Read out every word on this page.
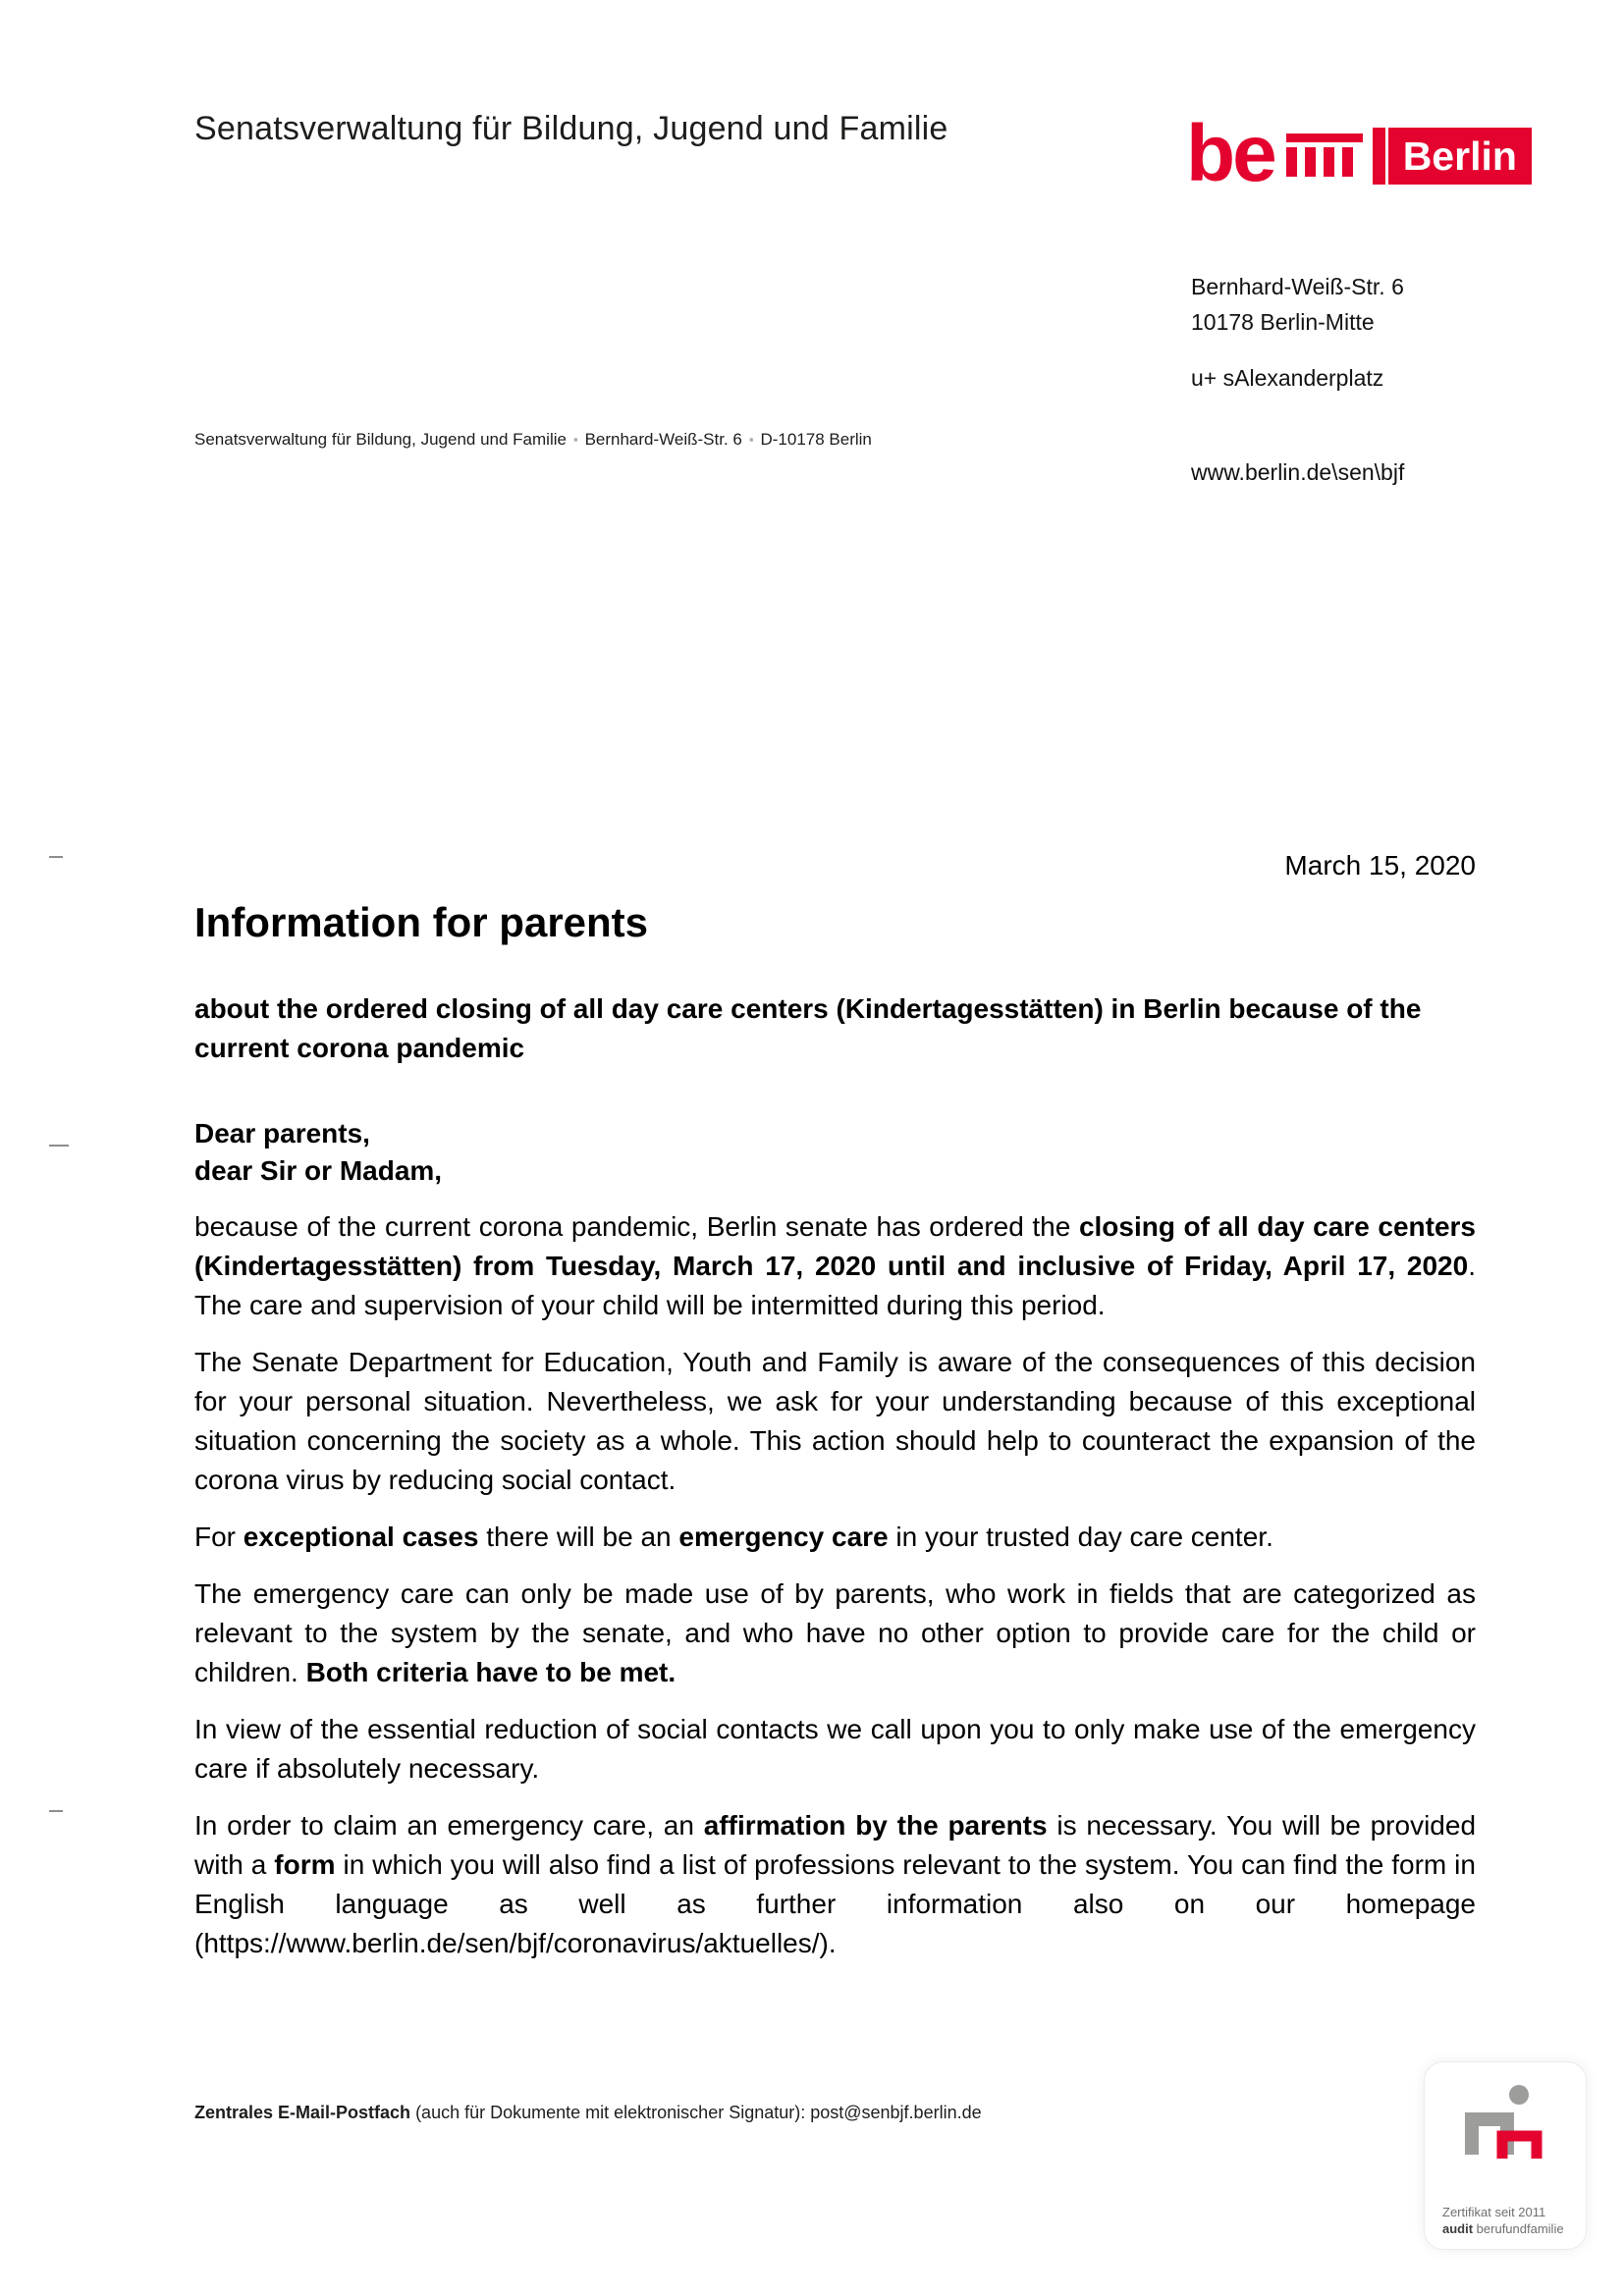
Senatsverwaltung für Bildung, Jugend und Familie	be	Berlin
Bernhard-Weiß-Str. 6
10178 Berlin-Mitte
u+ sAlexanderplatz
www.berlin.de\sen\bjf
Senatsverwaltung für Bildung, Jugend und Familie ▪ Bernhard-Weiß-Str. 6 ▪ D-10178 Berlin
March 15, 2020
Information for parents

about the ordered closing of all day care centers (Kindertagesstätten) in Berlin because of the current corona pandemic

Dear parents,
dear Sir or Madam,

because of the current corona pandemic, Berlin senate has ordered the closing of all day care centers (Kindertagesstätten) from Tuesday, March 17, 2020 until and inclusive of Friday, April 17, 2020. The care and supervision of your child will be intermitted during this period.

The Senate Department for Education, Youth and Family is aware of the consequences of this decision for your personal situation. Nevertheless, we ask for your understanding because of this exceptional situation concerning the society as a whole. This action should help to counteract the expansion of the corona virus by reducing social contact.

For exceptional cases there will be an emergency care in your trusted day care center.

The emergency care can only be made use of by parents, who work in fields that are categorized as relevant to the system by the senate, and who have no other option to provide care for the child or children. Both criteria have to be met.

In view of the essential reduction of social contacts we call upon you to only make use of the emergency care if absolutely necessary.

In order to claim an emergency care, an affirmation by the parents is necessary. You will be provided with a form in which you will also find a list of professions relevant to the system. You can find the form in English language as well as further information also on our homepage (https://www.berlin.de/sen/bjf/coronavirus/aktuelles/).

Zentrales E-Mail-Postfach (auch für Dokumente mit elektronischer Signatur): post@senbjf.berlin.de
Zertifikat seit 2011
audit berufundfamilie
